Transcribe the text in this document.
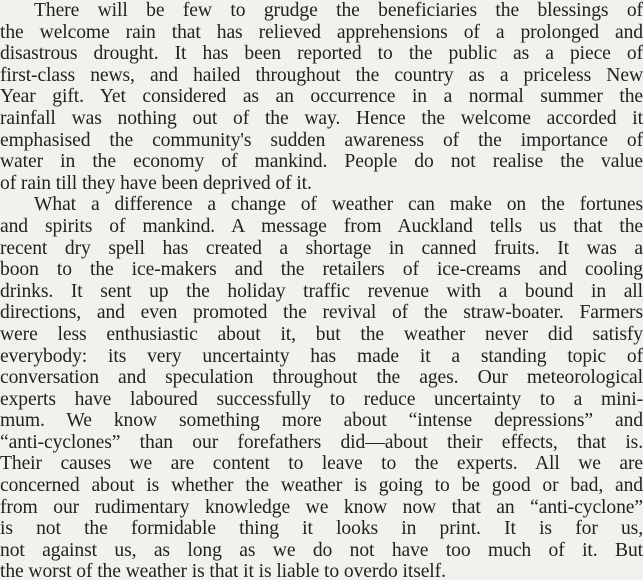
There will be few to grudge the beneficiaries the blessings of
the welcome rain that has relieved apprehensions of a prolonged and
disastrous drought. It has been reported to the public as a piece of
first-class news, and hailed throughout the country as a priceless New
Year gift. Yet considered as an occurrence in a normal summer the
rainfall was nothing out of the way. Hence the welcome accorded it
emphasised the community's sudden awareness of the importance of
water in the economy of mankind. People do not realise the value
of rain till they have been deprived of it.
What a difference a change of weather can make on the fortunes
and spirits of mankind. A message from Auckland tells us that the
recent dry spell has created a shortage in canned fruits. It was a
boon to the ice-makers and the retailers of ice-creams and cooling
drinks. It sent up the holiday traffic revenue with a bound in all
directions, and even promoted the revival of the straw-boater. Farmers
were less enthusiastic about it, but the weather never did satisfy
everybody: its very uncertainty has made it a standing topic of
conversation and speculation throughout the ages. Our meteorological
experts have laboured successfully to reduce uncertainty to a mini-
mum. We know something more about “intense depressions” and
“anti-cyclones” than our forefathers did—about their effects, that is.
Their causes we are content to leave to the experts. All we are
concerned about is whether the weather is going to be good or bad, and
from our rudimentary knowledge we know now that an “anti-cyclone”
is not the formidable thing it looks in print. It is for us,
not against us, as long as we do not have too much of it. But
the worst of the weather is that it is liable to overdo itself.
